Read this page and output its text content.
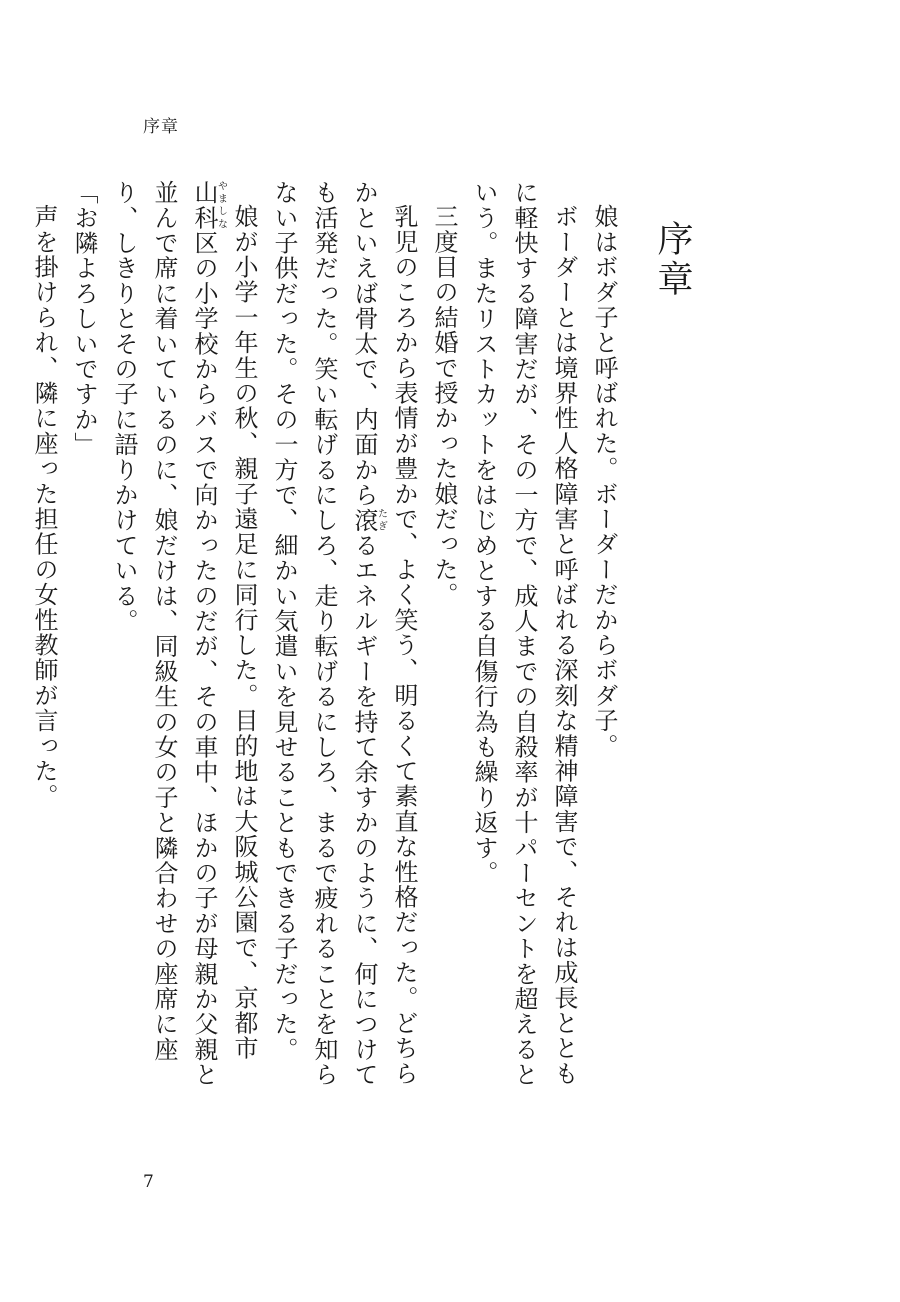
序章
序章

娘はボダ子と呼ばれた。ボーダーだからボダ子。

ボーダーとは境界性人格障害と呼ばれる深刻な精神障害で、それは成長とともに軽快する障害だが、その一方で、成人までの自殺率が十パーセントを超えるという。またリストカットをはじめとする自傷行為も繰り返す。

三度目の結婚で授かった娘だった。

乳児のころから表情が豊かで、よく笑う、明るくて素直な性格だった。どちらかといえば骨太で、内面から滾たぎるエネルギーを持て余すかのように、何につけても活発だった。笑い転げるにしろ、走り転げるにしろ、まるで疲れることを知らない子供だった。その一方で、細かい気遣いを見せることもできる子だった。

娘が小学一年生の秋、親子遠足に同行した。目的地は大阪城公園で、京都市山科やましな区の小学校からバスで向かったのだが、その車中、ほかの子が母親か父親と並んで席に着いているのに、娘だけは、同級生の女の子と隣合わせの座席に座り、しきりとその子に語りかけている。

「お隣よろしいですか」

声を掛けられ、隣に座った担任の女性教師が言った。

7
